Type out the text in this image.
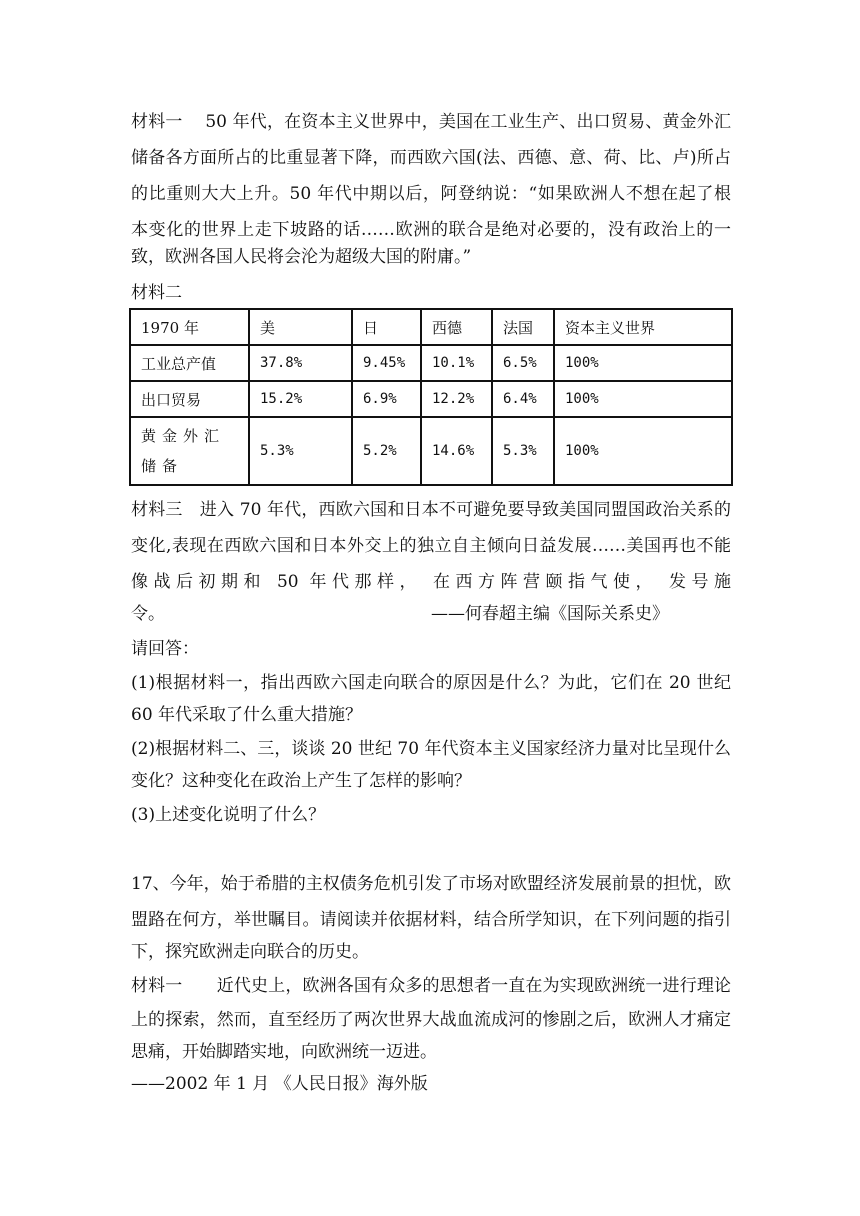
材料一　 50 年代，在资本主义世界中，美国在工业生产、出口贸易、黄金外汇
储备各方面所占的比重显著下降，而西欧六国(法、西德、意、荷、比、卢)所占
的比重则大大上升。50 年代中期以后，阿登纳说：“如果欧洲人不想在起了根
本变化的世界上走下坡路的话……欧洲的联合是绝对必要的，没有政治上的一
致，欧洲各国人民将会沦为超级大国的附庸。”
材料二
1970 年	美	日	西德	法国	资本主义世界
工业总产值	37.8%	9.45%	10.1%	6.5%	100%
出口贸易	15.2%	6.9%	12.2%	6.4%	100%
黄金外汇储备	5.3%	5.2%	14.6%	5.3%	100%
材料三　进入 70 年代，西欧六国和日本不可避免要导致美国同盟国政治关系的
变化,表现在西欧六国和日本外交上的独立自主倾向日益发展……美国再也不能
像战后初期和 50 年代那样， 在西方阵营颐指气使， 发号施
令。	——何春超主编《国际关系史》
请回答：
(1)根据材料一，指出西欧六国走向联合的原因是什么？为此，它们在 20 世纪
60 年代采取了什么重大措施？
(2)根据材料二、三，谈谈 20 世纪 70 年代资本主义国家经济力量对比呈现什么
变化？这种变化在政治上产生了怎样的影响？
(3)上述变化说明了什么？
17、今年，始于希腊的主权债务危机引发了市场对欧盟经济发展前景的担忧，欧
盟路在何方，举世瞩目。请阅读并依据材料，结合所学知识，在下列问题的指引
下，探究欧洲走向联合的历史。
材料一　　近代史上，欧洲各国有众多的思想者一直在为实现欧洲统一进行理论
上的探索，然而，直至经历了两次世界大战血流成河的惨剧之后，欧洲人才痛定
思痛，开始脚踏实地，向欧洲统一迈进。
——2002 年 1 月 《人民日报》海外版
